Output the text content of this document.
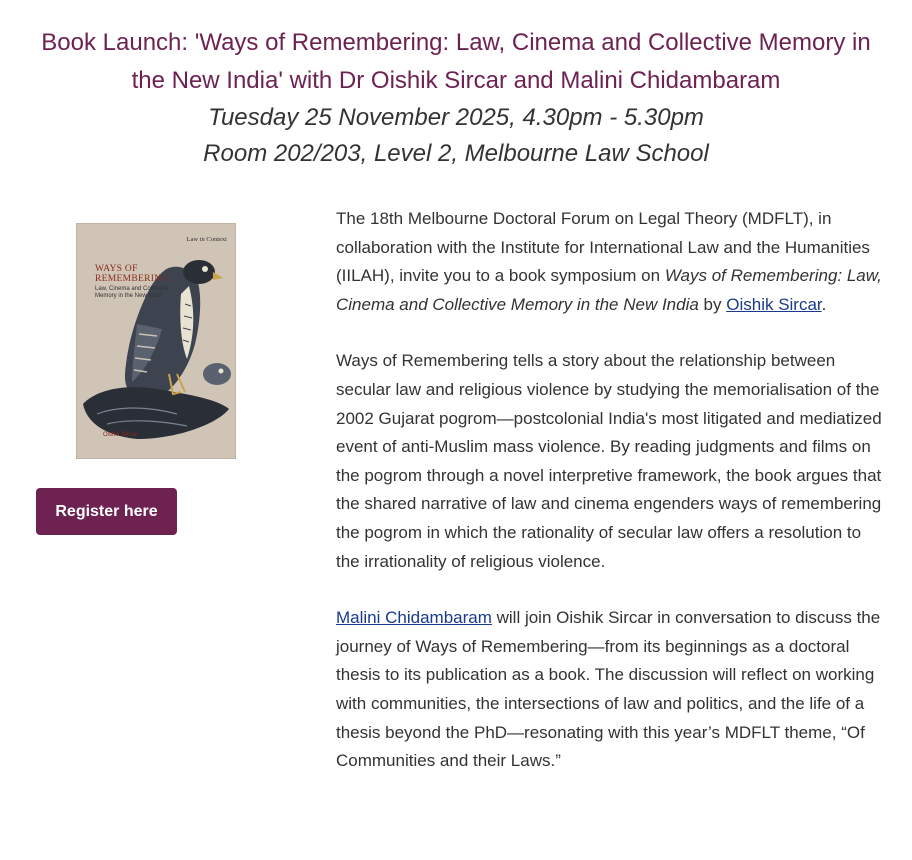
Book Launch: 'Ways of Remembering: Law, Cinema and Collective Memory in the New India' with Dr Oishik Sircar and Malini Chidambaram
Tuesday 25 November 2025, 4.30pm - 5.30pm
Room 202/203, Level 2, Melbourne Law School
Law in Context
WAYS OF
REMEMBERING
Law, Cinema and Collective Memory in the New India
Oishik Sircar
Register here

The 18th Melbourne Doctoral Forum on Legal Theory (MDFLT), in collaboration with the Institute for International Law and the Humanities (IILAH), invite you to a book symposium on Ways of Remembering: Law, Cinema and Collective Memory in the New India by Oishik Sircar.

Ways of Remembering tells a story about the relationship between secular law and religious violence by studying the memorialisation of the 2002 Gujarat pogrom—postcolonial India's most litigated and mediatized event of anti-Muslim mass violence. By reading judgments and films on the pogrom through a novel interpretive framework, the book argues that the shared narrative of law and cinema engenders ways of remembering the pogrom in which the rationality of secular law offers a resolution to the irrationality of religious violence.

Malini Chidambaram will join Oishik Sircar in conversation to discuss the journey of Ways of Remembering—from its beginnings as a doctoral thesis to its publication as a book. The discussion will reflect on working with communities, the intersections of law and politics, and the life of a thesis beyond the PhD—resonating with this year’s MDFLT theme, “Of Communities and their Laws.”
